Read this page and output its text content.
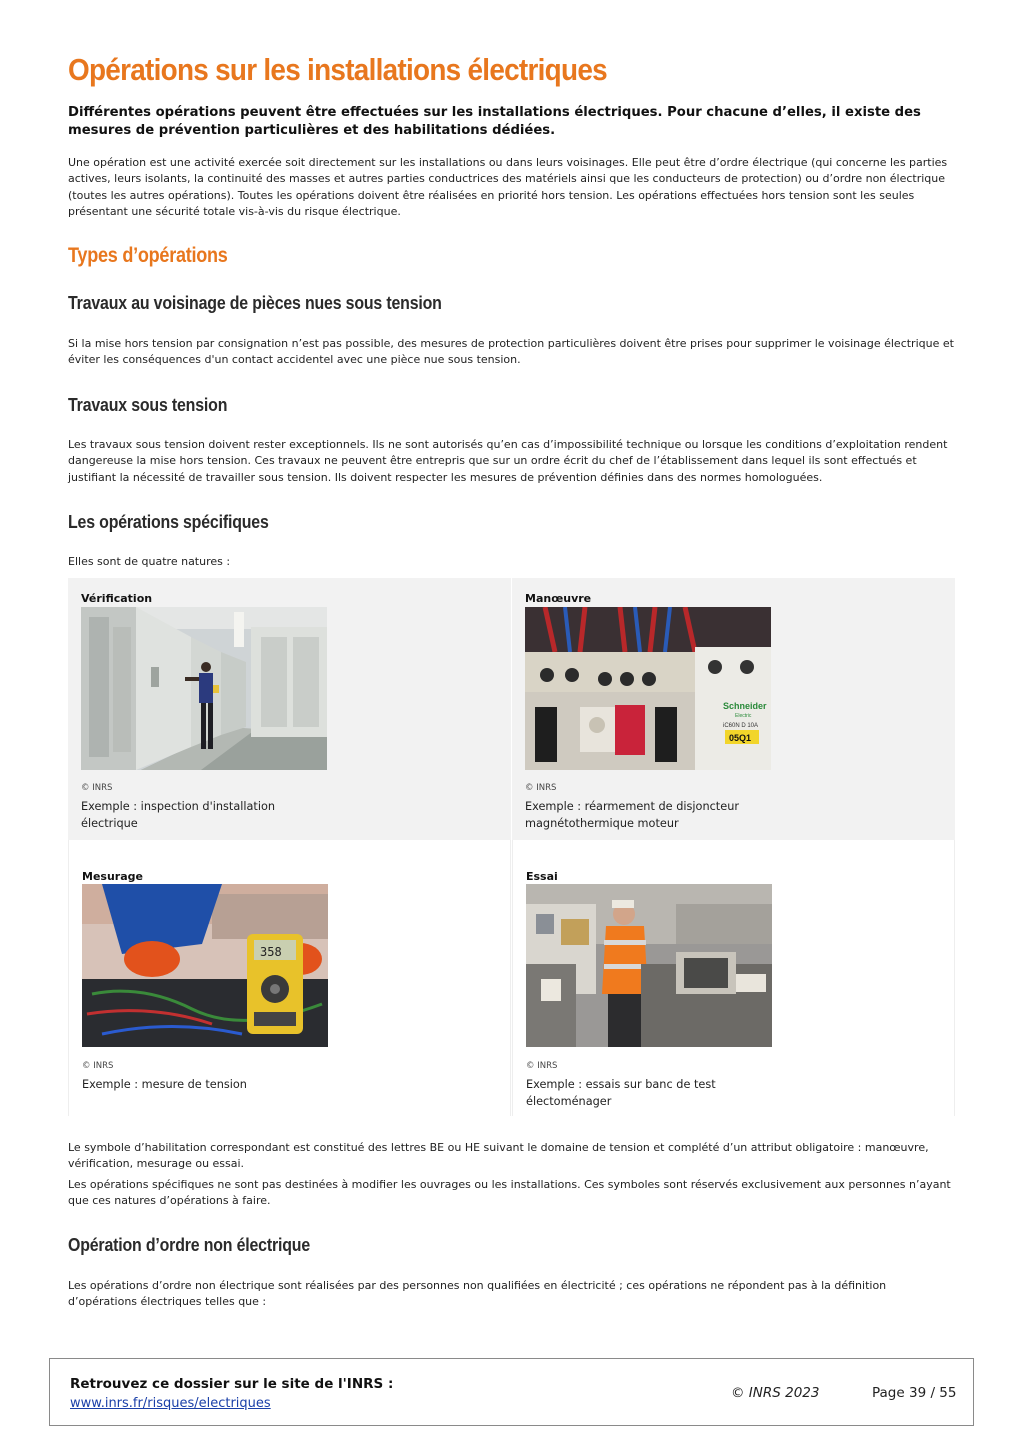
Opérations sur les installations électriques

Différentes opérations peuvent être effectuées sur les installations électriques. Pour chacune d’elles, il existe des mesures de prévention particulières et des habilitations dédiées.

Une opération est une activité exercée soit directement sur les installations ou dans leurs voisinages. Elle peut être d’ordre électrique (qui concerne les parties actives, leurs isolants, la continuité des masses et autres parties conductrices des matériels ainsi que les conducteurs de protection) ou d’ordre non électrique (toutes les autres opérations). Toutes les opérations doivent être réalisées en priorité hors tension. Les opérations effectuées hors tension sont les seules présentant une sécurité totale vis-à-vis du risque électrique.

Types d’opérations
Travaux au voisinage de pièces nues sous tension

Si la mise hors tension par consignation n’est pas possible, des mesures de protection particulières doivent être prises pour supprimer le voisinage électrique et éviter les conséquences d'un contact accidentel avec une pièce nue sous tension.

Travaux sous tension

Les travaux sous tension doivent rester exceptionnels. Ils ne sont autorisés qu’en cas d’impossibilité technique ou lorsque les conditions d’exploitation rendent dangereuse la mise hors tension. Ces travaux ne peuvent être entrepris que sur un ordre écrit du chef de l’établissement dans lequel ils sont effectués et justifiant la nécessité de travailler sous tension. Ils doivent respecter les mesures de prévention définies dans des normes homologuées.

Les opérations spécifiques

Elles sont de quatre natures :

Vérification
© INRS
Exemple : inspection d'installation électrique
Manœuvre
Schneider
Electric
iC60N D 10A
05Q1
© INRS
Exemple : réarmement de disjoncteur magnétothermique moteur
Mesurage
358
© INRS
Exemple : mesure de tension
Essai
© INRS
Exemple : essais sur banc de test électoménager

Le symbole d’habilitation correspondant est constitué des lettres BE ou HE suivant le domaine de tension et complété d’un attribut obligatoire : manœuvre, vérification, mesurage ou essai.

Les opérations spécifiques ne sont pas destinées à modifier les ouvrages ou les installations. Ces symboles sont réservés exclusivement aux personnes n’ayant que ces natures d’opérations à faire.

Opération d’ordre non électrique

Les opérations d’ordre non électrique sont réalisées par des personnes non qualifiées en électricité ; ces opérations ne répondent pas à la définition d’opérations électriques telles que :

Retrouvez ce dossier sur le site de l'INRS :
www.inrs.fr/risques/electriques
© INRS 2023	Page 39 / 55
